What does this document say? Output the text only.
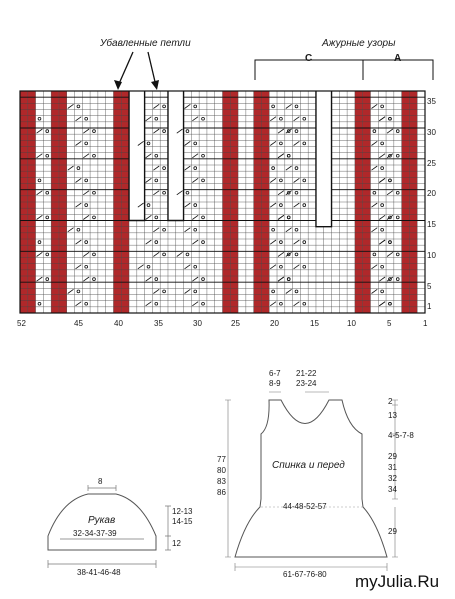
Убавленные петли	Ажурные узоры
C	A
35
30
25
20
15
10
5
1
52	45	40	35	30	25	20	15	10	5	1
8
12-13
14-15
Рукав
32-34-37-39
12
38-41-46-48
6-7
8-9
21-22
23-24
2
13
4-5-7-8
29
31
32
34
29
77
80
83
86
Спинка и перед
44-48-52-57
61-67-76-80 myJulia.Ru
